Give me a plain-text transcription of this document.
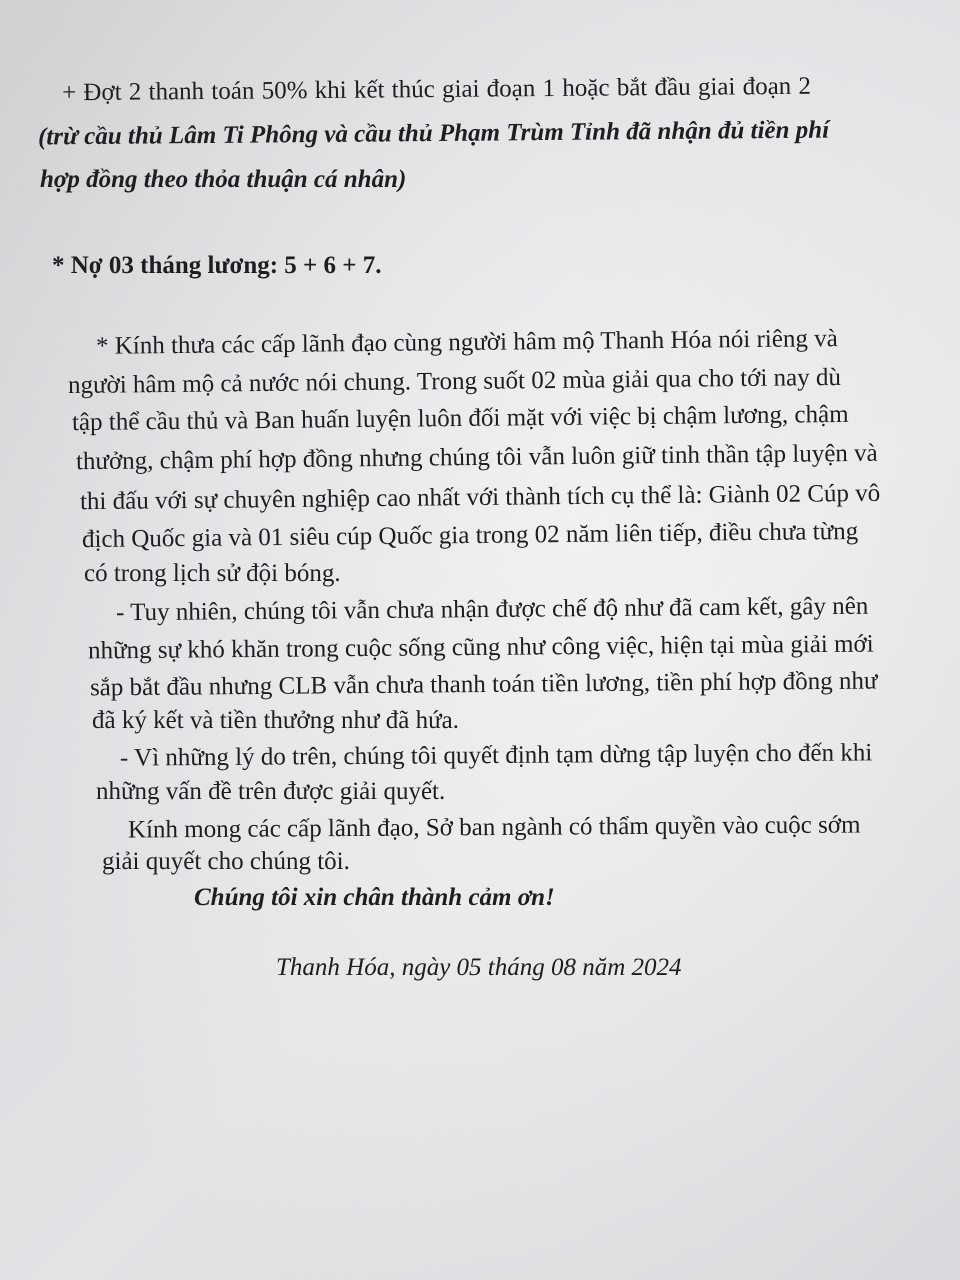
+ Đợt 2 thanh toán 50% khi kết thúc giai đoạn 1 hoặc bắt đầu giai đoạn 2
(trừ cầu thủ Lâm Ti Phông và cầu thủ Phạm Trùm Tỉnh đã nhận đủ tiền phí
hợp đồng theo thỏa thuận cá nhân)
* Nợ 03 tháng lương: 5 + 6 + 7.
* Kính thưa các cấp lãnh đạo cùng người hâm mộ Thanh Hóa nói riêng và
người hâm mộ cả nước nói chung. Trong suốt 02 mùa giải qua cho tới nay dù
tập thể cầu thủ và Ban huấn luyện luôn đối mặt với việc bị chậm lương, chậm
thưởng, chậm phí hợp đồng nhưng chúng tôi vẫn luôn giữ tinh thần tập luyện và
thi đấu với sự chuyên nghiệp cao nhất với thành tích cụ thể là: Giành 02 Cúp vô
địch Quốc gia và 01 siêu cúp Quốc gia trong 02 năm liên tiếp, điều chưa từng
có trong lịch sử đội bóng.
- Tuy nhiên, chúng tôi vẫn chưa nhận được chế độ như đã cam kết, gây nên
những sự khó khăn trong cuộc sống cũng như công việc, hiện tại mùa giải mới
sắp bắt đầu nhưng CLB vẫn chưa thanh toán tiền lương, tiền phí hợp đồng như
đã ký kết và tiền thưởng như đã hứa.
- Vì những lý do trên, chúng tôi quyết định tạm dừng tập luyện cho đến khi
những vấn đề trên được giải quyết.
Kính mong các cấp lãnh đạo, Sở ban ngành có thẩm quyền vào cuộc sớm
giải quyết cho chúng tôi.
Chúng tôi xin chân thành cảm ơn!
Thanh Hóa, ngày 05 tháng 08 năm 2024
